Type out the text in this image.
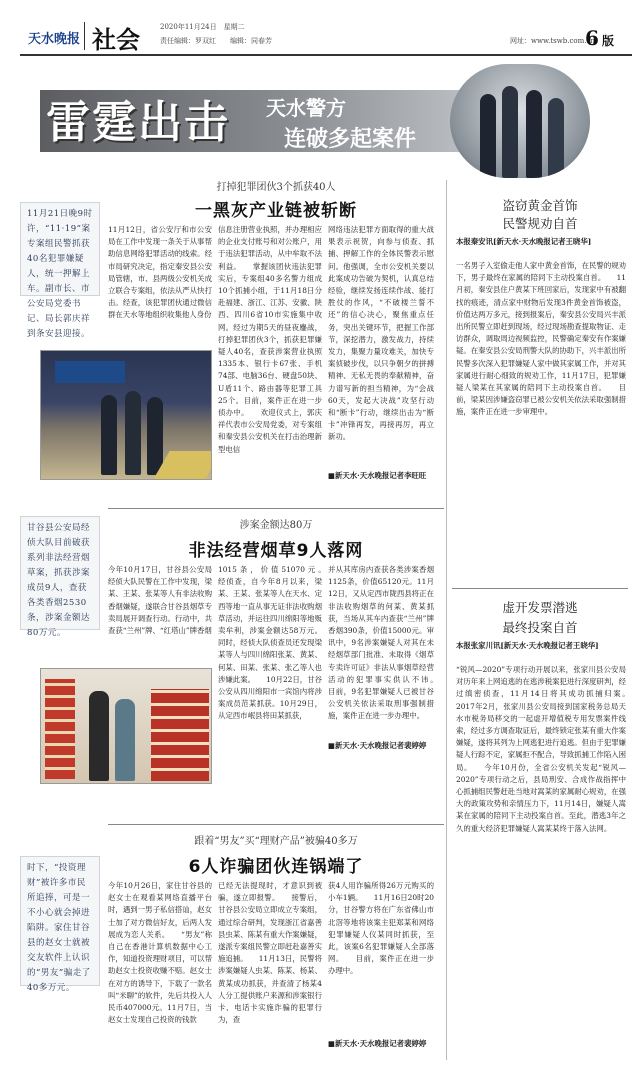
天水晚报 社会	2020年11月24日　星期二
责任编辑：罗双红　　编辑：同春芳	网址：www.tswb.com.cn
6 版
雷霆出击 天水警方
连破多起案件
11月21日晚9时许，“11·19”案专案组民警抓获40名犯罪嫌疑人，统一押解上车。副市长、市公安局党委书记、局长郭庆祥到条安县迎接。
甘谷县公安局经侦大队目前破获系列非法经营烟草案，抓获涉案成员9人，查获各类香烟2530条，涉案金额达80万元。
时下，“投资理财”被许多市民所追捧，可是一不小心就会掉进陷阱。家住甘谷县的赵女士就被交友软件上认识的“男友”骗走了40多万元。
打掉犯罪团伙3个抓获40人
一黑灰产业链被斩断
11月12日，省公安厅和市公安局在工作中发现一条关于从事帮助信息网络犯罪活动的线索。经市局研究决定，指定秦安县公安局管辖，市、县两级公安机关成立联合专案组，依法从严从快打击。经查，该犯罪团伙通过微信群在天水等地组织收集他人身份
信息注册营业执照，并办理相应的企业支付账号和对公账户，用于违法犯罪活动，从中牟取不法利益。　　掌握该团伙违法犯罪实后，专案组40多名警力组成10个抓捕小组，于11月18日分赴福建、浙江、江苏、安徽、陕西、四川6省10市实施集中收网。经过为期5天的昼夜鏖战，打掉犯罪团伙3个，抓获犯罪嫌疑人40名，查获涉案营业执照1335本、银行卡67张、手机74部、电脑36台、硬盘50块、U盾11个、路由器等犯罪工具25个。目前，案件正在进一步侦办中。　　欢迎仪式上，郭庆祥代表市公安局党委，对专案组和秦安县公安机关在打击治理新型电信
网络违法犯罪方面取得的重大战果表示祝贺，向参与侦查、抓捕、押解工作的全体民警表示慰问。他强调，全市公安机关要以此案成功告破为契机，认真总结经验，继续发扬连续作战、能打胜仗的作风，“不破楼兰誓不还”的信心决心，聚焦重点任务，突出关键环节，把握工作部节，深挖潜力，激发战力，持续发力，集聚力量攻难关，加快专案侦破步伐，以只争朝夕的拼搏精神、无私无畏的奉献精神，奋力谱写新的担当精神，为“会战60天，发起大决战”攻坚行动和“断卡”行动，继续出击为“断卡”冲锋再发，再接再厉，再立新功。
■新天水·天水晚报记者李旺旺
涉案金额达80万
非法经营烟草9人落网
今年10月17日，甘谷县公安局经侦大队民警在工作中发现，梁某、王某、张某等人有非法收购香烟嫌疑，遂联合甘谷县烟草专卖局展开调查行动。行动中，共查获“兰州”牌、“红塔山”牌香烟
1015条，价值51070元。　　经侦查，自今年8月以来，梁某、王某、张某等人在天水、定西等地一直从事无证非法收购烟草活动，并运往四川绵阳等地贩卖牟利，涉案金额达58万元。同时，经侦大队侦查员还发现梁某等人与四川绵阳张某、黄某、何某、田某、张某、张乙等人也涉嫌此案。　　10月22日，甘谷公安从四川绵阳市一宾馆内将涉案成员范某抓获。10月29日，从定西市岷县将田某抓获，
并从其库房内查获各类涉案香烟1125条，价值65120元。11月12日，又从定西市陇西县将正在非法收购烟草的何某、黄某抓获，当场从其车内查获“兰州”牌香烟390条，价值15000元。审讯中，9名涉案嫌疑人对其在未经烟草部门批准、未取得《烟草专卖许可证》非法从事烟草经营活动的犯罪事实供认不讳。　　目前，9名犯罪嫌疑人已被甘谷公安机关依法采取刑事强制措施，案件正在进一步办理中。
■新天水·天水晚报记者裴婷婷
跟着“男友”买“理财产品”被骗40多万
6人诈骗团伙连锅端了
今年10月26日，家住甘谷县的赵女士在观看某网络直播平台时，遇到一男子私信搭讪，赵女士加了对方微信好友，后两人发展成为恋人关系。　　“男友”称自己在香港计算机数据中心工作，知道投资理财项目，可以帮助赵女士投资收赚不赔。赵女士在对方的诱导下，下载了一款名叫“米聊”的软件，先后共投入人民币407000元。11月7日，当赵女士发现自己投资的钱款
已经无法提现时，才意识到被骗，遂立即报警。　　接警后，甘谷县公安局立即成立专案组，通过综合研判，发现浙江省嘉善县虫某、陈某有重大作案嫌疑，遂派专案组民警立即赶赴嘉善实施追捕。　　11月13日，民警将涉案嫌疑人虫某、陈某、杨某、黄某成功抓获，并查清了杨某4人分工提供账户来源和涉案银行卡、电话卡实施诈骗的犯罪行为，查
获4人用诈骗所得26万元购买的小车1辆。　　11月16日20时20分，甘谷警方将在广东省佛山市北滘等地将该案主犯郑某和网络犯罪嫌疑人仪某同时抓获，至此，该案6名犯罪嫌疑人全部落网。　　目前，案件正在进一步办理中。
■新天水·天水晚报记者裴婷婷
盗窃黄金首饰
民警规劝自首
本报秦安讯[新天水·天水晚报记者王晓华]
一名男子入室偷走他人家中黄金首饰，在民警的规劝下，男子最终在家属的陪同下主动投案自首。　　11月初，秦安县住户黄某下班回家后，发现家中有被翻找的痕迹，清点家中财物后发现3件黄金首饰被盗，价值达两万多元，接到报案后，秦安县公安局兴丰派出所民警立即赶到现场，经过现场勘查提取物证、走访群众，调取周边视频监控，民警确定秦安有作案嫌疑。在秦安县公安局刑警大队的协助下，兴丰派出所民警多次深入犯罪嫌疑人家中做其家属工作，并对其家属进行耐心细致的规劝工作，11月17日，犯罪嫌疑人梁某在其家属的陪同下主动投案自首。　　目前，梁某因涉嫌盗窃罪已被公安机关依法采取强制措施，案件正在进一步审理中。
虚开发票潜逃
最终投案自首
本报张家川讯[新天水·天水晚报记者王晓华]
“锐风—2020”专项行动开展以来，张家川县公安局对历年来上网追逃的在逃涉税案犯进行深度研判，经过缜密侦查，11月14日将其成功抓捕归案。　　2017年2月，张家川县公安局接到国家税务总局天水市税务局移交的一起虚开增值税专用发票案件线索，经过多方调查取证后，最终锁定张某有重大作案嫌疑，遂将其列为上网逃犯进行追逃。但由于犯罪嫌疑人行踪不定，家属拒不配合，导致抓捕工作陷入困局。　　今年10月份，全省公安机关发起“锐风—2020”专项行动之后，县局刑安、合成作战指挥中心抓捕组民警赶赴当地对嵩某的家属耐心规劝，在强大的政策攻势和亲情压力下，11月14日，嫌疑人嵩某在家属的陪同下主动投案自首。至此，潜逃3年之久的重大经济犯罪嫌疑人嵩某某终于落入法网。
